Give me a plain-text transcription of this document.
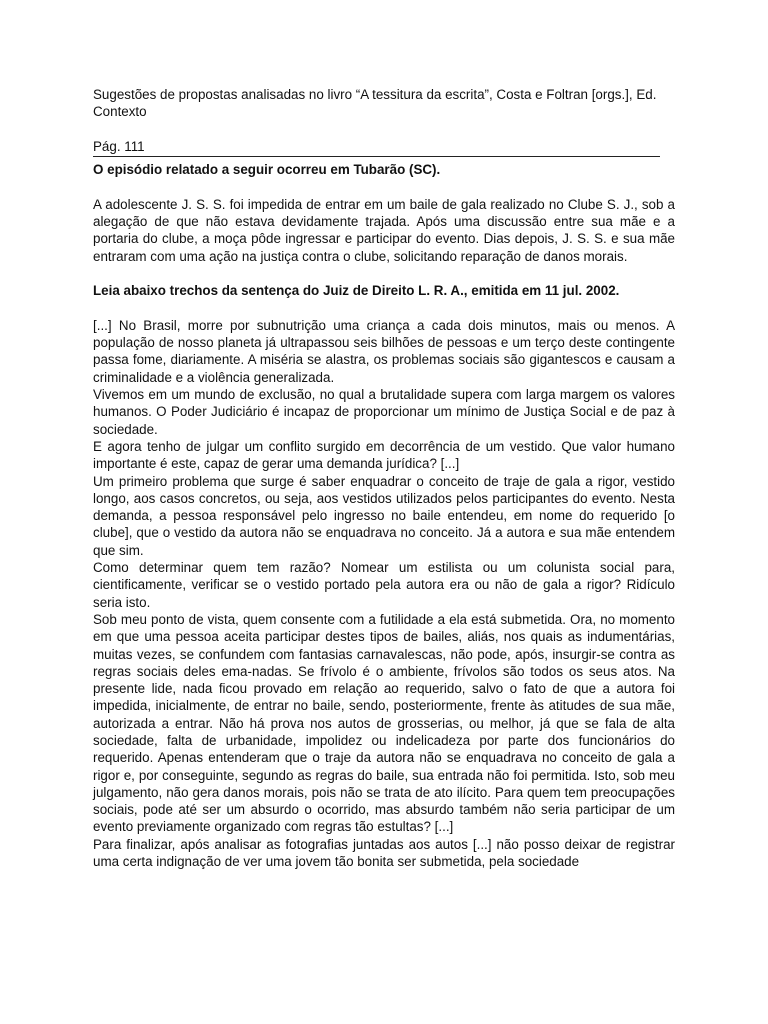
Sugestões de propostas analisadas no livro “A tessitura da escrita”, Costa e Foltran [orgs.], Ed. Contexto

Pág. 111

O episódio relatado a seguir ocorreu em Tubarão (SC).

A adolescente J. S. S. foi impedida de entrar em um baile de gala realizado no Clube S. J., sob a alegação de que não estava devidamente trajada. Após uma discussão entre sua mãe e a portaria do clube, a moça pôde ingressar e participar do evento. Dias depois, J. S. S. e sua mãe entraram com uma ação na justiça contra o clube, solicitando reparação de danos morais.

Leia abaixo trechos da sentença do Juiz de Direito L. R. A., emitida em 11 jul. 2002.

[...] No Brasil, morre por subnutrição uma criança a cada dois minutos, mais ou menos. A população de nosso planeta já ultrapassou seis bilhões de pessoas e um terço deste contingente passa fome, diariamente. A miséria se alastra, os problemas sociais são gigantescos e causam a criminalidade e a violência generalizada.

Vivemos em um mundo de exclusão, no qual a brutalidade supera com larga margem os valores humanos. O Poder Judiciário é incapaz de proporcionar um mínimo de Justiça Social e de paz à sociedade.

E agora tenho de julgar um conflito surgido em decorrência de um vestido. Que valor humano importante é este, capaz de gerar uma demanda jurídica? [...]

Um primeiro problema que surge é saber enquadrar o conceito de traje de gala a rigor, vestido longo, aos casos concretos, ou seja, aos vestidos utilizados pelos participantes do evento. Nesta demanda, a pessoa responsável pelo ingresso no baile entendeu, em nome do requerido [o clube], que o vestido da autora não se enquadrava no conceito. Já a autora e sua mãe entendem que sim.

Como determinar quem tem razão? Nomear um estilista ou um colunista social para, cientificamente, verificar se o vestido portado pela autora era ou não de gala a rigor? Ridículo seria isto.

Sob meu ponto de vista, quem consente com a futilidade a ela está submetida. Ora, no momento em que uma pessoa aceita participar destes tipos de bailes, aliás, nos quais as indumentárias, muitas vezes, se confundem com fantasias carnavalescas, não pode, após, insurgir-se contra as regras sociais deles ema-nadas. Se frívolo é o ambiente, frívolos são todos os seus atos. Na presente lide, nada ficou provado em relação ao requerido, salvo o fato de que a autora foi impedida, inicialmente, de entrar no baile, sendo, posteriormente, frente às atitudes de sua mãe, autorizada a entrar. Não há prova nos autos de grosserias, ou melhor, já que se fala de alta sociedade, falta de urbanidade, impolidez ou indelicadeza por parte dos funcionários do requerido. Apenas entenderam que o traje da autora não se enquadrava no conceito de gala a rigor e, por conseguinte, segundo as regras do baile, sua entrada não foi permitida. Isto, sob meu julgamento, não gera danos morais, pois não se trata de ato ilícito. Para quem tem preocupações sociais, pode até ser um absurdo o ocorrido, mas absurdo também não seria participar de um evento previamente organizado com regras tão estultas? [...]

Para finalizar, após analisar as fotografias juntadas aos autos [...] não posso deixar de registrar uma certa indignação de ver uma jovem tão bonita ser submetida, pela sociedade
